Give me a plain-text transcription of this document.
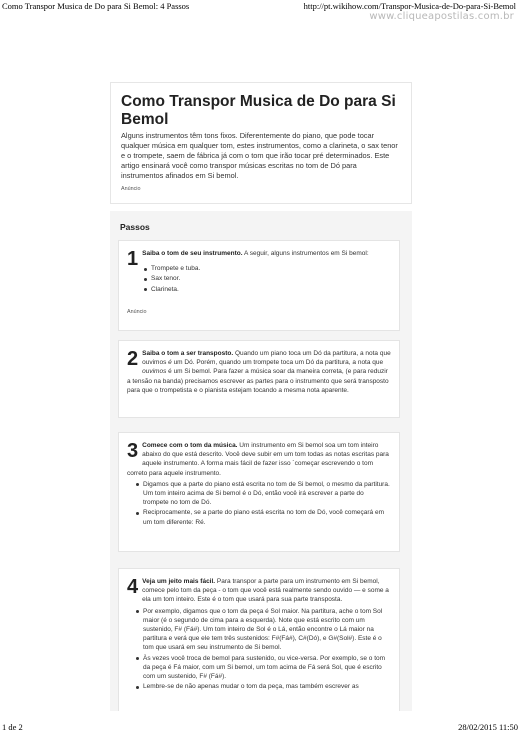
Como Transpor Musica de Do para Si Bemol: 4 Passos	http://pt.wikihow.com/Transpor-Musica-de-Do-para-Si-Bemol
www.cliqueapostilas.com.br
Como Transpor Musica de Do para Si Bemol

Alguns instrumentos têm tons fixos. Diferentemente do piano, que pode tocar qualquer música em qualquer tom, estes instrumentos, como a clarineta, o sax tenor e o trompete, saem de fábrica já com o tom que irão tocar pré determinados. Este artigo ensinará você como transpor músicas escritas no tom de Dó para instrumentos afinados em Si bemol.

Anúncio
Passos
1 Saiba o tom de seu instrumento. A seguir, alguns instrumentos em Si bemol:
Trompete e tuba.
Sax tenor.
Clarineta.
Anúncio
2 Saiba o tom a ser transposto. Quando um piano toca um Dó da partitura, a nota que ouvimos é um Dó. Porém, quando um trompete toca um Dó da partitura, a nota que ouvimos é um Si bemol. Para fazer a música soar da maneira correta, (e para reduzir a tensão na banda) precisamos escrever as partes para o instrumento que será transposto para que o trompetista e o pianista estejam tocando a mesma nota aparente.
3 Comece com o tom da música. Um instrumento em Si bemol soa um tom inteiro abaixo do que está descrito. Você deve subir em um tom todas as notas escritas para aquele instrumento. A forma mais fácil de fazer isso ´começar escrevendo o tom correto para aquele instrumento.
Digamos que a parte do piano está escrita no tom de Si bemol, o mesmo da partitura. Um tom inteiro acima de Si bemol é o Dó, então você irá escrever a parte do trompete no tom de Dó.
Reciprocamente, se a parte do piano está escrita no tom de Dó, você começará em um tom diferente: Ré.
4 Veja um jeito mais fácil. Para transpor a parte para um instrumento em Si bemol, comece pelo tom da peça - o tom que você está realmente sendo ouvido — e some a ela um tom inteiro. Este é o tom que usará para sua parte transposta.
Por exemplo, digamos que o tom da peça é Sol maior. Na partitura, ache o tom Sol maior (é o segundo de cima para a esquerda). Note que está escrito com um sustenido, F# (Fá#). Um tom inteiro de Sol é o Lá, então encontre o Lá maior na partitura e verá que ele tem três sustenidos: F#(Fá#), C#(Dó), e G#(Sol#). Este é o tom que usará em seu instrumento de Si bemol.
Às vezes você troca de bemol para sustenido, ou vice-versa. Por exemplo, se o tom da peça é Fá maior, com um Si bemol, um tom acima de Fá será Sol, que é escrito com um sustenido, F# (Fá#).
Lembre-se de não apenas mudar o tom da peça, mas também escrever as
1 de 2	28/02/2015 11:50
